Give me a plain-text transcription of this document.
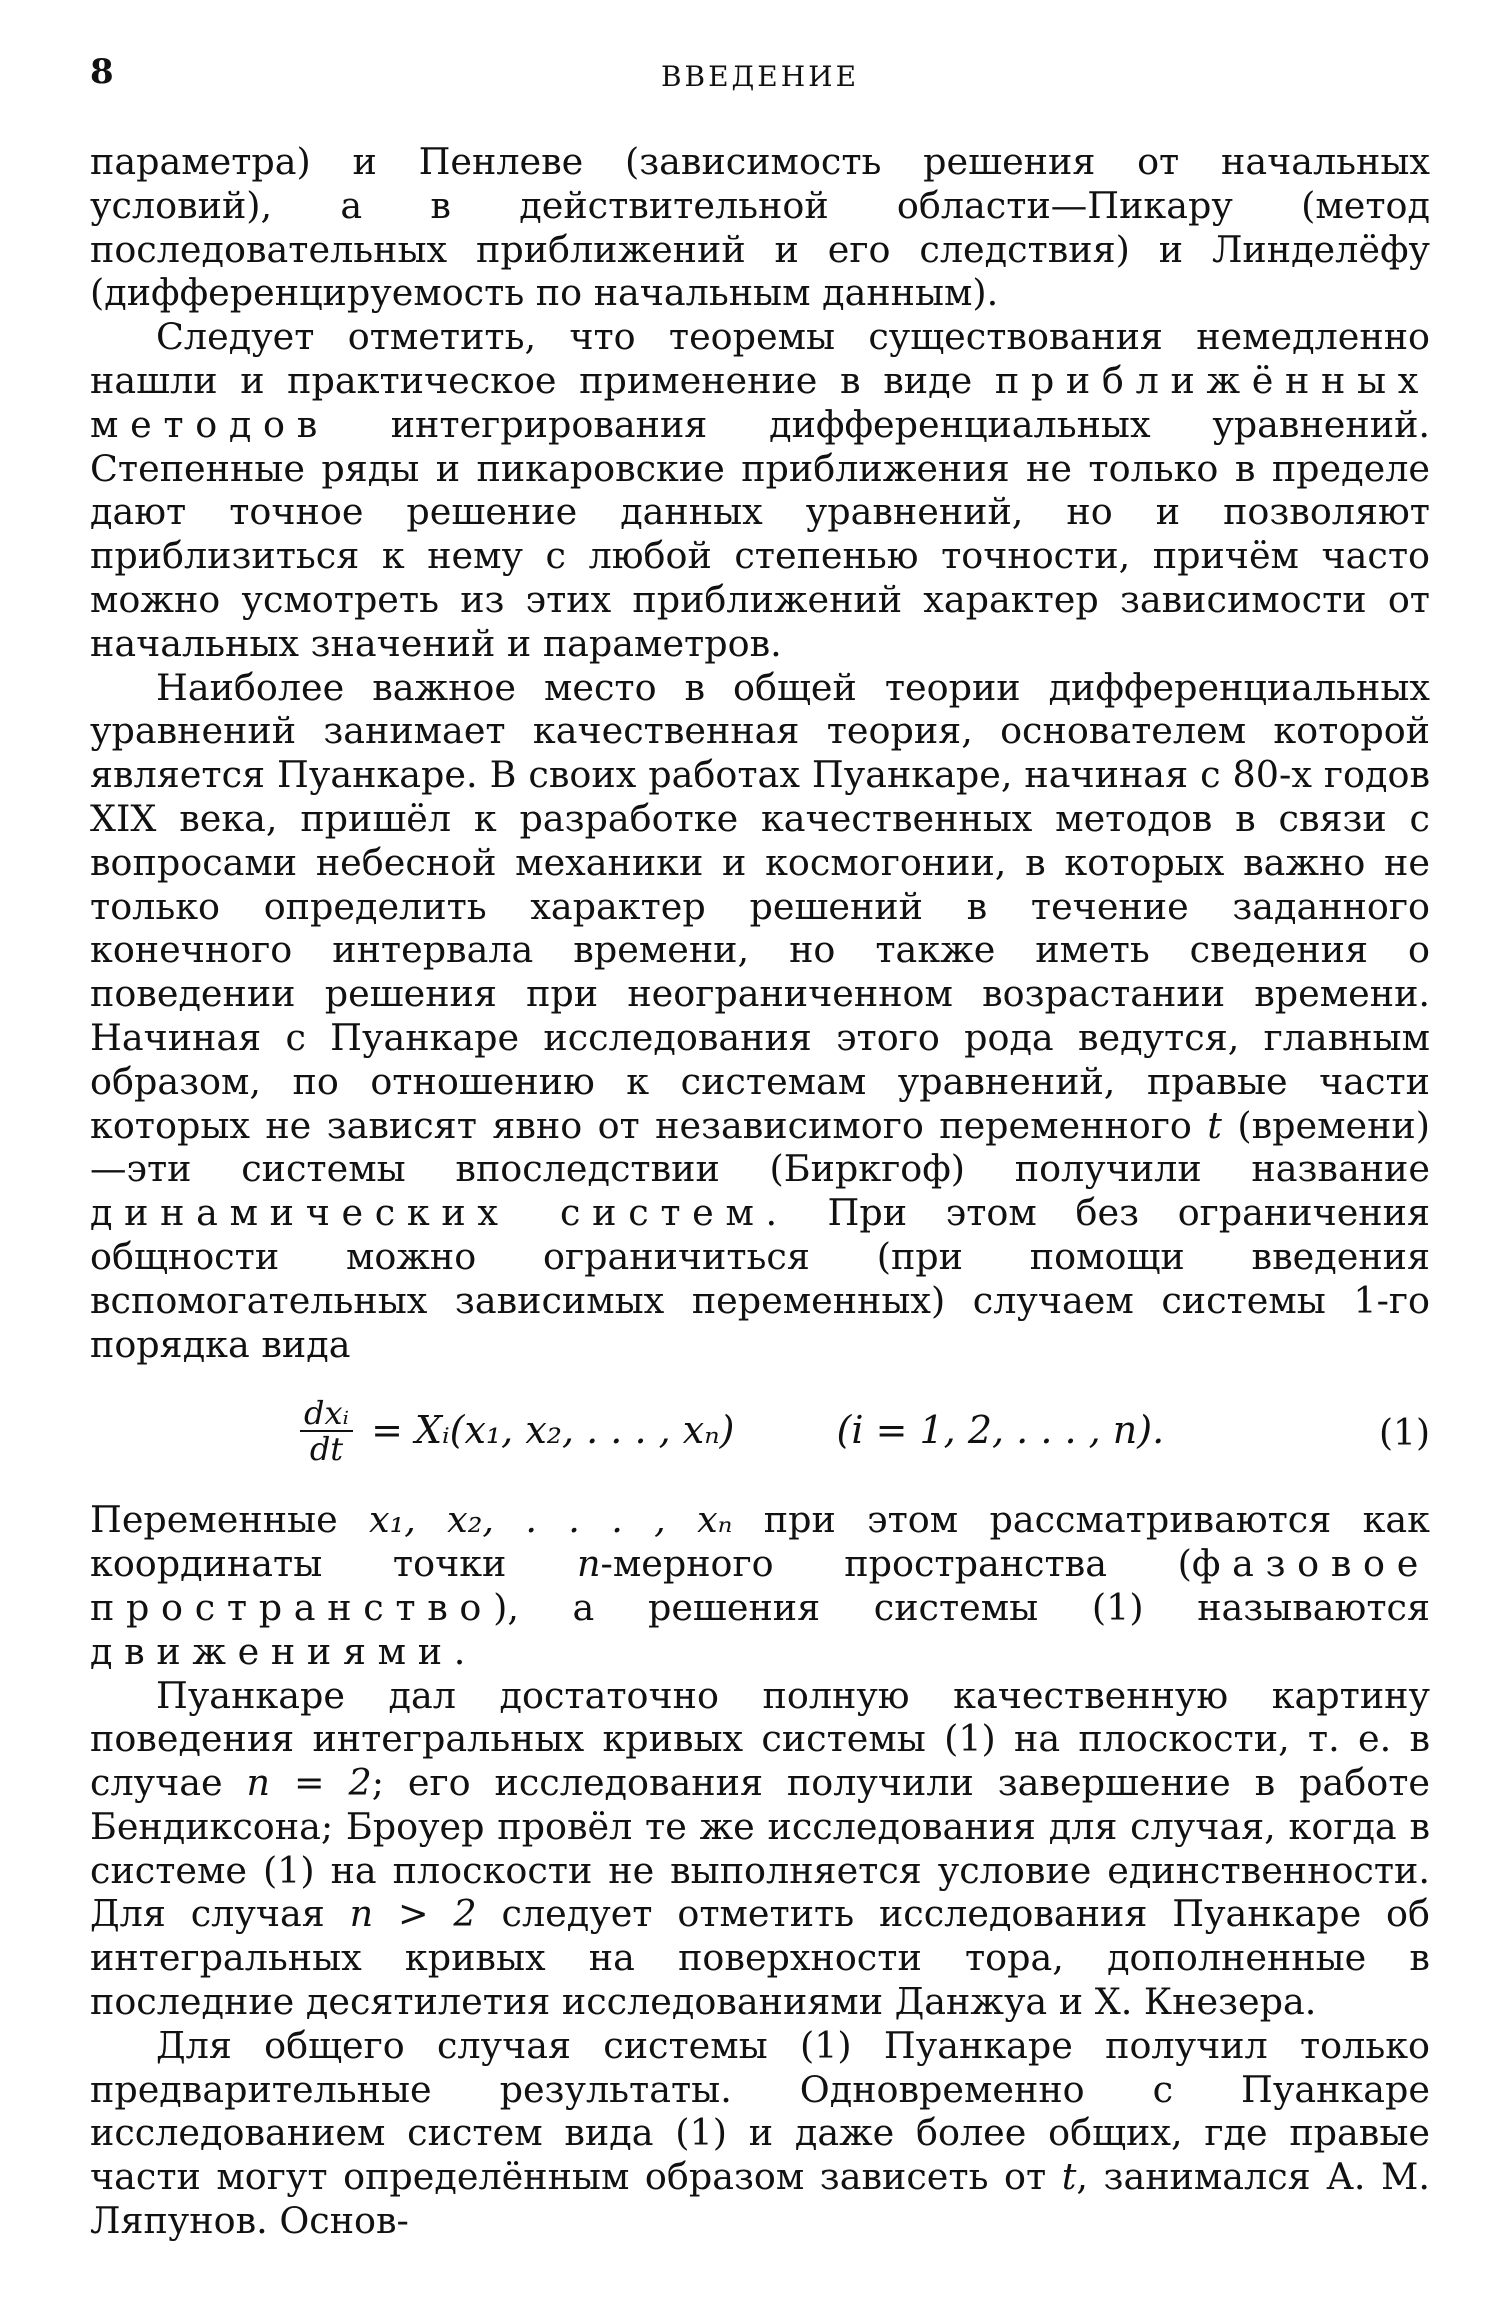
8	ВВЕДЕНИЕ

параметра) и Пенлеве (зависимость решения от начальных условий), а в действительной области—Пикару (метод последовательных приближений и его следствия) и Линделёфу (дифференцируемость по начальным данным).

Следует отметить, что теоремы существования немедленно нашли и практическое применение в виде приближённых методов интегрирования дифференциальных уравнений. Степенные ряды и пикаровские приближения не только в пределе дают точное решение данных уравнений, но и позволяют приблизиться к нему с любой степенью точности, причём часто можно усмотреть из этих приближений характер зависимости от начальных значений и параметров.

Наиболее важное место в общей теории дифференциальных уравнений занимает качественная теория, основателем которой является Пуанкаре. В своих работах Пуанкаре, начиная с 80-х годов XIX века, пришёл к разработке качественных методов в связи с вопросами небесной механики и космогонии, в которых важно не только определить характер решений в течение заданного конечного интервала времени, но также иметь сведения о поведении решения при неограниченном возрастании времени. Начиная с Пуанкаре исследования этого рода ведутся, главным образом, по отношению к системам уравнений, правые части которых не зависят явно от независимого переменного t (времени)—эти системы впоследствии (Биркгоф) получили название динамических систем. При этом без ограничения общности можно ограничиться (при помощи введения вспомогательных зависимых переменных) случаем системы 1-го порядка вида

$\frac{\text{dxᵢ}}{dt}$ = Xᵢ(x₁, x₂, . . . , xₙ)	(i = 1, 2, . . . , n).	(1)

Переменные x₁, x₂, . . . , xₙ при этом рассматриваются как координаты точки n-мерного пространства (фазовое пространство), а решения системы (1) называются движениями.

Пуанкаре дал достаточно полную качественную картину поведения интегральных кривых системы (1) на плоскости, т. е. в случае n = 2; его исследования получили завершение в работе Бендиксона; Броуер провёл те же исследования для случая, когда в системе (1) на плоскости не выполняется условие единственности. Для случая n > 2 следует отметить исследования Пуанкаре об интегральных кривых на поверхности тора, дополненные в последние десятилетия исследованиями Данжуа и X. Кнезера.

Для общего случая системы (1) Пуанкаре получил только предварительные результаты. Одновременно с Пуанкаре исследованием систем вида (1) и даже более общих, где правые части могут определённым образом зависеть от t, занимался А. М. Ляпунов. Основ-
